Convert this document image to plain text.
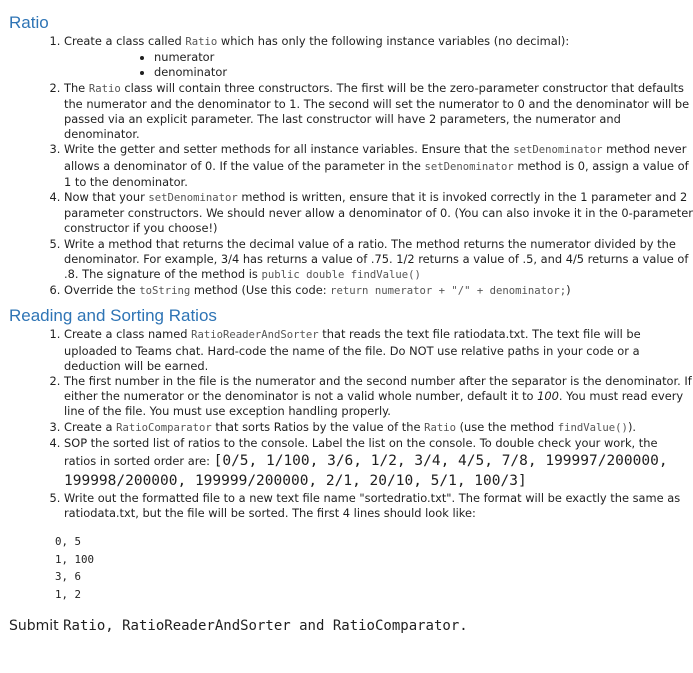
Ratio
1. Create a class called Ratio which has only the following instance variables (no decimal):
• numerator
• denominator
2. The Ratio class will contain three constructors. The first will be the zero-parameter constructor that defaults the numerator and the denominator to 1. The second will set the numerator to 0 and the denominator will be passed via an explicit parameter. The last constructor will have 2 parameters, the numerator and denominator.
3. Write the getter and setter methods for all instance variables. Ensure that the setDenominator method never allows a denominator of 0. If the value of the parameter in the setDenominator method is 0, assign a value of 1 to the denominator.
4. Now that your setDenominator method is written, ensure that it is invoked correctly in the 1 parameter and 2 parameter constructors. We should never allow a denominator of 0. (You can also invoke it in the 0-parameter constructor if you choose!)
5. Write a method that returns the decimal value of a ratio. The method returns the numerator divided by the denominator. For example, 3/4 has returns a value of .75. 1/2 returns a value of .5, and 4/5 returns a value of .8. The signature of the method is public double findValue()
6. Override the toString method (Use this code: return numerator + "/" + denominator;)
Reading and Sorting Ratios
1. Create a class named RatioReaderAndSorter that reads the text file ratiodata.txt. The text file will be uploaded to Teams chat. Hard-code the name of the file. Do NOT use relative paths in your code or a deduction will be earned.
2. The first number in the file is the numerator and the second number after the separator is the denominator. If either the numerator or the denominator is not a valid whole number, default it to 100. You must read every line of the file. You must use exception handling properly.
3. Create a RatioComparator that sorts Ratios by the value of the Ratio (use the method findValue()).
4. SOP the sorted list of ratios to the console. Label the list on the console. To double check your work, the ratios in sorted order are: [0/5, 1/100, 3/6, 1/2, 3/4, 4/5, 7/8, 199997/200000, 199998/200000, 199999/200000, 2/1, 20/10, 5/1, 100/3]
5. Write out the formatted file to a new text file name "sortedratio.txt". The format will be exactly the same as ratiodata.txt, but the file will be sorted. The first 4 lines should look like:
0, 5
1, 100
3, 6
1, 2
Submit Ratio, RatioReaderAndSorter and RatioComparator.
